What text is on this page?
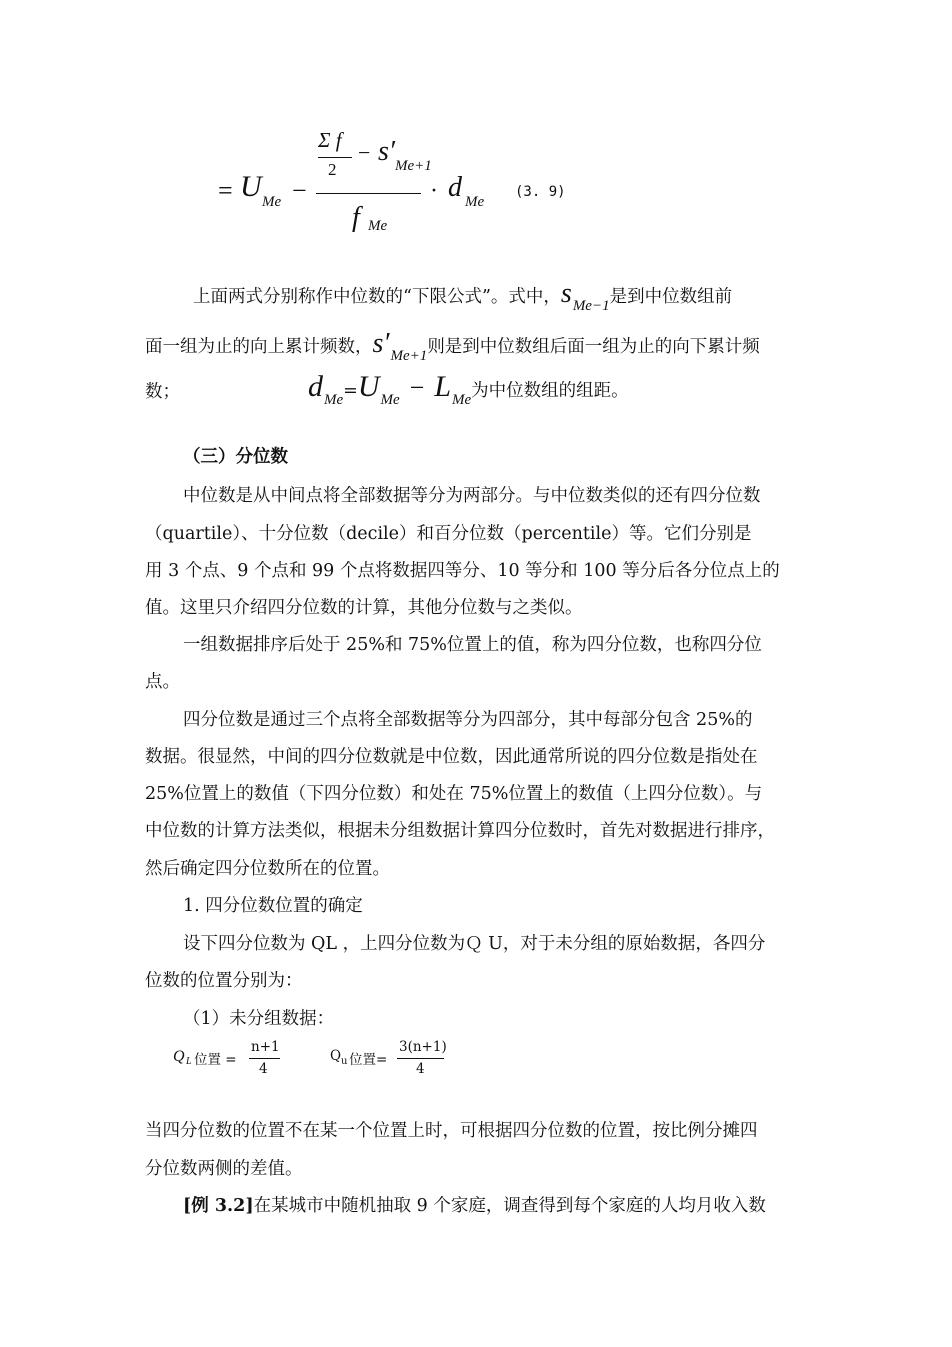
Σ f
2
− s′ Me+1
= U Me −
f Me
· d Me
(3. 9)
上面两式分别称作中位数的“下限公式”。式中，sMe−1是到中位数组前
面一组为止的向上累计频数，s′Me+1则是到中位数组后面一组为止的向下累计频
数；	dMe=UMe − LMe为中位数组的组距。
（三）分位数
中位数是从中间点将全部数据等分为两部分。与中位数类似的还有四分位数
（quartile）、十分位数（decile）和百分位数（percentile）等。它们分别是
用 3 个点、9 个点和 99 个点将数据四等分、10 等分和 100 等分后各分位点上的
值。这里只介绍四分位数的计算，其他分位数与之类似。
一组数据排序后处于 25%和 75%位置上的值，称为四分位数，也称四分位
点。
四分位数是通过三个点将全部数据等分为四部分，其中每部分包含 25%的
数据。很显然，中间的四分位数就是中位数，因此通常所说的四分位数是指处在
25%位置上的数值（下四分位数）和处在 75%位置上的数值（上四分位数）。与
中位数的计算方法类似，根据未分组数据计算四分位数时，首先对数据进行排序，
然后确定四分位数所在的位置。
1. 四分位数位置的确定
设下四分位数为 QL ，上四分位数为Ｑ U，对于未分组的原始数据，各四分
位数的位置分别为：
（1）未分组数据：
Q L 位置 =
n+1
4
Q u 位置=
3(n+1)
4
当四分位数的位置不在某一个位置上时，可根据四分位数的位置，按比例分摊四
分位数两侧的差值。
[例 3.2]在某城市中随机抽取 9 个家庭，调查得到每个家庭的人均月收入数
